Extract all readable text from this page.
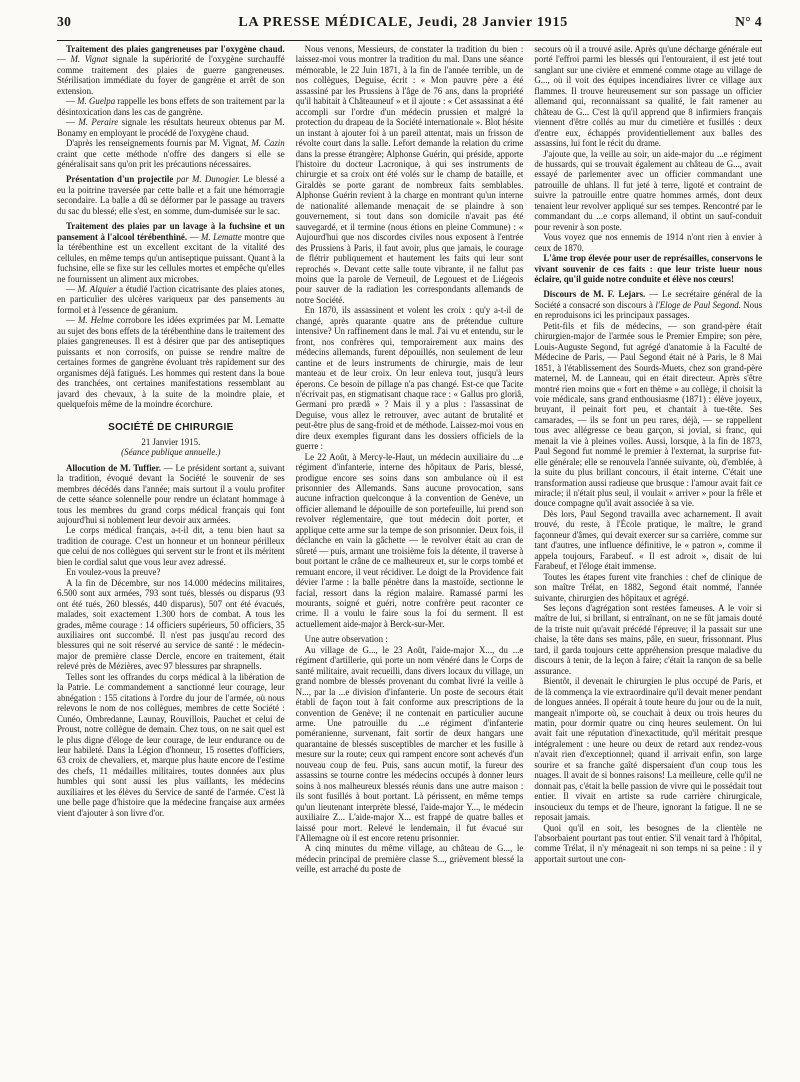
30	LA PRESSE MÉDICALE, Jeudi, 28 Janvier 1915	N° 4

Traitement des plaies gangreneuses par l'oxygène chaud. — M. Vignat signale la supériorité de l'oxygène surchauffé comme traitement des plaies de guerre gangreneuses. Stérilisation immédiate du foyer de gangrène et arrêt de son extension.

— M. Guelpa rappelle les bons effets de son traitement par la désintoxication dans les cas de gangrène.

— M. Peraire signale les résultats heureux obtenus par M. Bonamy en employant le procédé de l'oxygène chaud.

D'après les renseignements fournis par M. Vignat, M. Cazin craint que cette méthode n'offre des dangers si elle se généralisait sans qu'on prit les précautions nécessaires.

Présentation d'un projectile par M. Dunogier. Le blessé a eu la poitrine traversée par cette balle et a fait une hémorragie secondaire. La balle a dû se déformer par le passage au travers du sac du blessé; elle s'est, en somme, dum-dumisée sur le sac.

Traitement des plaies par un lavage à la fuchsine et un pansement à l'alcool térébenthiné. — M. Lematte montre que la térébenthine est un excellent excitant de la vitalité des cellules, en même temps qu'un antiseptique puissant. Quant à la fuchsine, elle se fixe sur les cellules mortes et empêche qu'elles ne fournissent un aliment aux microbes.

— M. Alquier a étudié l'action cicatrisante des plaies atones, en particulier des ulcères variqueux par des pansements au formol et à l'essence de géranium.

— M. Helme corrobore les idées exprimées par M. Lematte au sujet des bons effets de la térébenthine dans le traitement des plaies gangreneuses. Il est à désirer que par des antiseptiques puissants et non corrosifs, on puisse se rendre maître de certaines formes de gangrène évoluant très rapidement sur des organismes déjà fatigués. Les hommes qui restent dans la boue des tranchées, ont certaines manifestations ressemblant au javard des chevaux, à la suite de la moindre plaie, et quelquefois même de la moindre écorchure.

SOCIÉTÉ DE CHIRURGIE

21 Janvier 1915.

(Séance publique annuelle.)

Allocution de M. Tuffier. — Le président sortant a, suivant la tradition, évoqué devant la Société le souvenir de ses membres décédés dans l'année; mais surtout il a voulu profiter de cette séance solennelle pour rendre un éclatant hommage à tous les membres du grand corps médical français qui font aujourd'hui si noblement leur devoir aux armées.

Le corps médical français, a-t-il dit, a tenu bien haut sa tradition de courage. C'est un honneur et un honneur périlleux que celui de nos collègues qui servent sur le front et ils méritent bien le cordial salut que vous leur avez adressé.

En voulez-vous la preuve?

A la fin de Décembre, sur nos 14.000 médecins militaires, 6.500 sont aux armées, 793 sont tués, blessés ou disparus (93 ont été tués, 260 blessés, 440 disparus), 507 ont été évacués, malades, soit exactement 1.300 hors de combat. A tous les grades, même courage : 14 officiers supérieurs, 50 officiers, 35 auxiliaires ont succombé. Il n'est pas jusqu'au record des blessures qui ne soit réservé au service de santé : le médecin-major de première classe Dercle, encore en traitement, était relevé près de Mézières, avec 97 blessures par shrapnells.

Telles sont les offrandes du corps médical à la libération de la Patrie. Le commandement a sanctionné leur courage, leur abnégation : 155 citations à l'ordre du jour de l'armée, où nous relevons le nom de nos collègues, membres de cette Société : Cunéo, Ombredanne, Launay, Rouvillois, Pauchet et celui de Proust, notre collègue de demain. Chez tous, on ne sait quel est le plus digne d'éloge de leur courage, de leur endurance ou de leur habileté. Dans la Légion d'honneur, 15 rosettes d'officiers, 63 croix de chevaliers, et, marque plus haute encore de l'estime des chefs, 11 médailles militaires, toutes données aux plus humbles qui sont aussi les plus vaillants, les médecins auxiliaires et les élèves du Service de santé de l'armée. C'est là une belle page d'histoire que la médecine française aux armées vient d'ajouter à son livre d'or.

Nous venons, Messieurs, de constater la tradition du bien : laissez-moi vous montrer la tradition du mal. Dans une séance mémorable, le 22 Juin 1871, à la fin de l'année terrible, un de nos collègues, Deguise, écrit : « Mon pauvre père a été assassiné par les Prussiens à l'âge de 76 ans, dans la propriété qu'il habitait à Châteauneuf » et il ajoute : « Cet assassinat a été accompli sur l'ordre d'un médecin prussien et malgré la protection du drapeau de la Société internationale ». Blot hésite un instant à ajouter foi à un pareil attentat, mais un frisson de révolte court dans la salle. Lefort demande la relation du crime dans la presse étrangère; Alphonse Guérin, qui préside, apporte l'histoire du docteur Lacronique, à qui ses instruments de chirurgie et sa croix ont été volés sur le champ de bataille, et Giraldès se porte garant de nombreux faits semblables. Alphonse Guérin revient à la charge en montrant qu'un interne de nationalité allemande menaçait de se plaindre à son gouvernement, si tout dans son domicile n'avait pas été sauvegardé, et il termine (nous étions en pleine Commune) : « Aujourd'hui que nos discordes civiles nous exposent à l'entrée des Prussiens à Paris, il faut avoir, plus que jamais, le courage de flétrir publiquement et hautement les faits qui leur sont reprochés ». Devant cette salle toute vibrante, il ne fallut pas moins que la parole de Verneuil, de Legouest et de Liégeois pour sauver de la radiation les correspondants allemands de notre Société.

En 1870, ils assassinent et volent les croix : qu'y a-t-il de changé, après quarante quatre ans de prétendue culture intensive? Un raffinement dans le mal. J'ai vu et entendu, sur le front, nos confrères qui, temporairement aux mains des médecins allemands, furent dépouillés, non seulement de leur cantine et de leurs instruments de chirurgie, mais de leur manteau et de leur croix. On leur enleva tout, jusqu'à leurs éperons. Ce besoin de pillage n'a pas changé. Est-ce que Tacite n'écrivait pas, en stigmatisant chaque race : « Gallus pro gloriâ, Germani pro prædâ » ? Mais il y a plus : l'assassinat de Deguise, vous allez le retrouver, avec autant de brutalité et peut-être plus de sang-froid et de méthode. Laissez-moi vous en dire deux exemples figurant dans les dossiers officiels de la guerre :

Le 22 Août, à Mercy-le-Haut, un médecin auxiliaire du ...e régiment d'infanterie, interne des hôpitaux de Paris, blessé, prodigue encore ses soins dans son ambulance où il est prisonnier des Allemands. Sans aucune provocation, sans aucune infraction quelconque à la convention de Genève, un officier allemand le dépouille de son portefeuille, lui prend son revolver réglementaire, que tout médecin doit porter, et applique cette arme sur la tempe de son prisonnier. Deux fois, il déclanche en vain la gâchette — le revolver était au cran de sûreté — puis, armant une troisième fois la détente, il traverse à bout portant le crâne de ce malheureux et, sur le corps tombé et remuant encore, il veut récidiver. Le doigt de la Providence fait dévier l'arme : la balle pénètre dans la mastoïde, sectionne le facial, ressort dans la région malaire. Ramassé parmi les mourants, soigné et guéri, notre confrère peut raconter ce crime. Il a voulu le faire sous la foi du serment. Il est actuellement aide-major à Berck-sur-Mer.

Une autre observation :

Au village de G..., le 23 Août, l'aide-major X..., du ...e régiment d'artillerie, qui porte un nom vénéré dans le Corps de santé militaire, avait recueilli, dans divers locaux du village, un grand nombre de blessés provenant du combat livré la veille à N..., par la ...e division d'infanterie. Un poste de secours était établi de façon tout à fait conforme aux prescriptions de la convention de Genève; il ne contenait en particulier aucune arme. Une patrouille du ...e régiment d'infanterie poméranienne, survenant, fait sortir de deux hangars une quarantaine de blessés susceptibles de marcher et les fusille à mesure sur la route; ceux qui rampent encore sont achevés d'un nouveau coup de feu. Puis, sans aucun motif, la fureur des assassins se tourne contre les médecins occupés à donner leurs soins à nos malheureux blessés réunis dans une autre maison : ils sont fusillés à bout portant. Là périssent, en même temps qu'un lieutenant interprète blessé, l'aide-major Y..., le médecin auxiliaire Z... L'aide-major X... est frappé de quatre balles et laissé pour mort. Relevé le lendemain, il fut évacué sur l'Allemagne où il est encore retenu prisonnier.

A cinq minutes du même village, au château de G..., le médecin principal de première classe S..., grièvement blessé la veille, est arraché du poste de

secours où il a trouvé asile. Après qu'une décharge générale eut porté l'effroi parmi les blessés qui l'entouraient, il est jeté tout sanglant sur une civière et emmené comme otage au village de G..., où il voit des équipes incendiaires livrer ce village aux flammes. Il trouve heureusement sur son passage un officier allemand qui, reconnaissant sa qualité, le fait ramener au château de G... C'est là qu'il apprend que 8 infirmiers français viennent d'être collés au mur du cimetière et fusillés : deux d'entre eux, échappés providentiellement aux balles des assassins, lui font le récit du drame.

J'ajoute que, la veille au soir, un aide-major du ...e régiment de hussards, qui se trouvait également au château de G..., avait essayé de parlementer avec un officier commandant une patrouille de uhlans. Il fut jeté à terre, ligoté et contraint de suivre la patrouille entre quatre hommes armés, dont deux tenaient leur revolver appliqué sur ses tempes. Rencontré par le commandant du ...e corps allemand, il obtint un sauf-conduit pour revenir à son poste.

Vous voyez que nos ennemis de 1914 n'ont rien à envier à ceux de 1870.

L'âme trop élevée pour user de représailles, conservons le vivant souvenir de ces faits : que leur triste lueur nous éclaire, qu'il guide notre conduite et élève nos cœurs!

Discours de M. F. Lejars. — Le secrétaire général de la Société a consacré son discours à l'Eloge de Paul Segond. Nous en reproduisons ici les principaux passages.

Petit-fils et fils de médecins, — son grand-père était chirurgien-major de l'armée sous le Premier Empire; son père, Louis-Auguste Segond, fut agrégé d'anatomie à la Faculté de Médecine de Paris, — Paul Segond était né à Paris, le 8 Mai 1851, à l'établissement des Sourds-Muets, chez son grand-père maternel, M. de Lanneau, qui en était directeur. Après s'être montré rien moins que « fort en thème » au collège, il choisit la voie médicale, sans grand enthousiasme (1871) : élève joyeux, bruyant, il peinait fort peu, et chantait à tue-tête. Ses camarades, — ils se font un peu rares, déjà, — se rappellent tous avec allégresse ce beau garçon, si jovial, si franc, qui menait la vie à pleines voiles. Aussi, lorsque, à la fin de 1873, Paul Segond fut nommé le premier à l'externat, la surprise fut-elle générale; elle se renouvela l'année suivante, où, d'emblée, à la suite du plus brillant concours, il était interne. C'était une transformation aussi radieuse que brusque : l'amour avait fait ce miracle; il n'était plus seul, il voulait « arriver » pour la frêle et douce compagne qu'il avait associée à sa vie.

Dès lors, Paul Segond travailla avec acharnement. Il avait trouvé, du reste, à l'École pratique, le maître, le grand façonneur d'âmes, qui devait exercer sur sa carrière, comme sur tant d'autres, une influence définitive, le « patron », comme il appela toujours, Farabeuf. « Il est adroit », disait de lui Farabeuf, et l'éloge était immense.

Toutes les étapes furent vite franchies : chef de clinique de son maître Trélat, en 1882, Segond était nommé, l'année suivante, chirurgien des hôpitaux et agrégé.

Ses leçons d'agrégation sont restées fameuses. A le voir si maître de lui, si brillant, si entraînant, on ne se fût jamais douté de la triste nuit qu'avait précédé l'épreuve; il la passait sur une chaise, la tête dans ses mains, pâle, en sueur, frissonnant. Plus tard, il garda toujours cette appréhension presque maladive du discours à tenir, de la leçon à faire; c'était la rançon de sa belle assurance.

Bientôt, il devenait le chirurgien le plus occupé de Paris, et de là commença la vie extraordinaire qu'il devait mener pendant de longues années. Il opérait à toute heure du jour ou de la nuit, mangeait n'importe où, se couchait à deux ou trois heures du matin, pour dormir quatre ou cinq heures seulement. On lui avait fait une réputation d'inexactitude, qu'il méritait presque intégralement : une heure ou deux de retard aux rendez-vous n'avait rien d'exceptionnel; quand il arrivait enfin, son large sourire et sa franche gaîté dispersaient d'un coup tous les nuages. Il avait de si bonnes raisons! La meilleure, celle qu'il ne donnait pas, c'était la belle passion de vivre qui le possédait tout entier. Il vivait en artiste sa rude carrière chirurgicale, insoucieux du temps et de l'heure, ignorant la fatigue. Il ne se reposait jamais.

Quoi qu'il en soit, les besognes de la clientèle ne l'absorbaient pourtant pas tout entier. S'il venait tard à l'hôpital, comme Trélat, il n'y ménageait ni son temps ni sa peine : il y apportait surtout une con-
